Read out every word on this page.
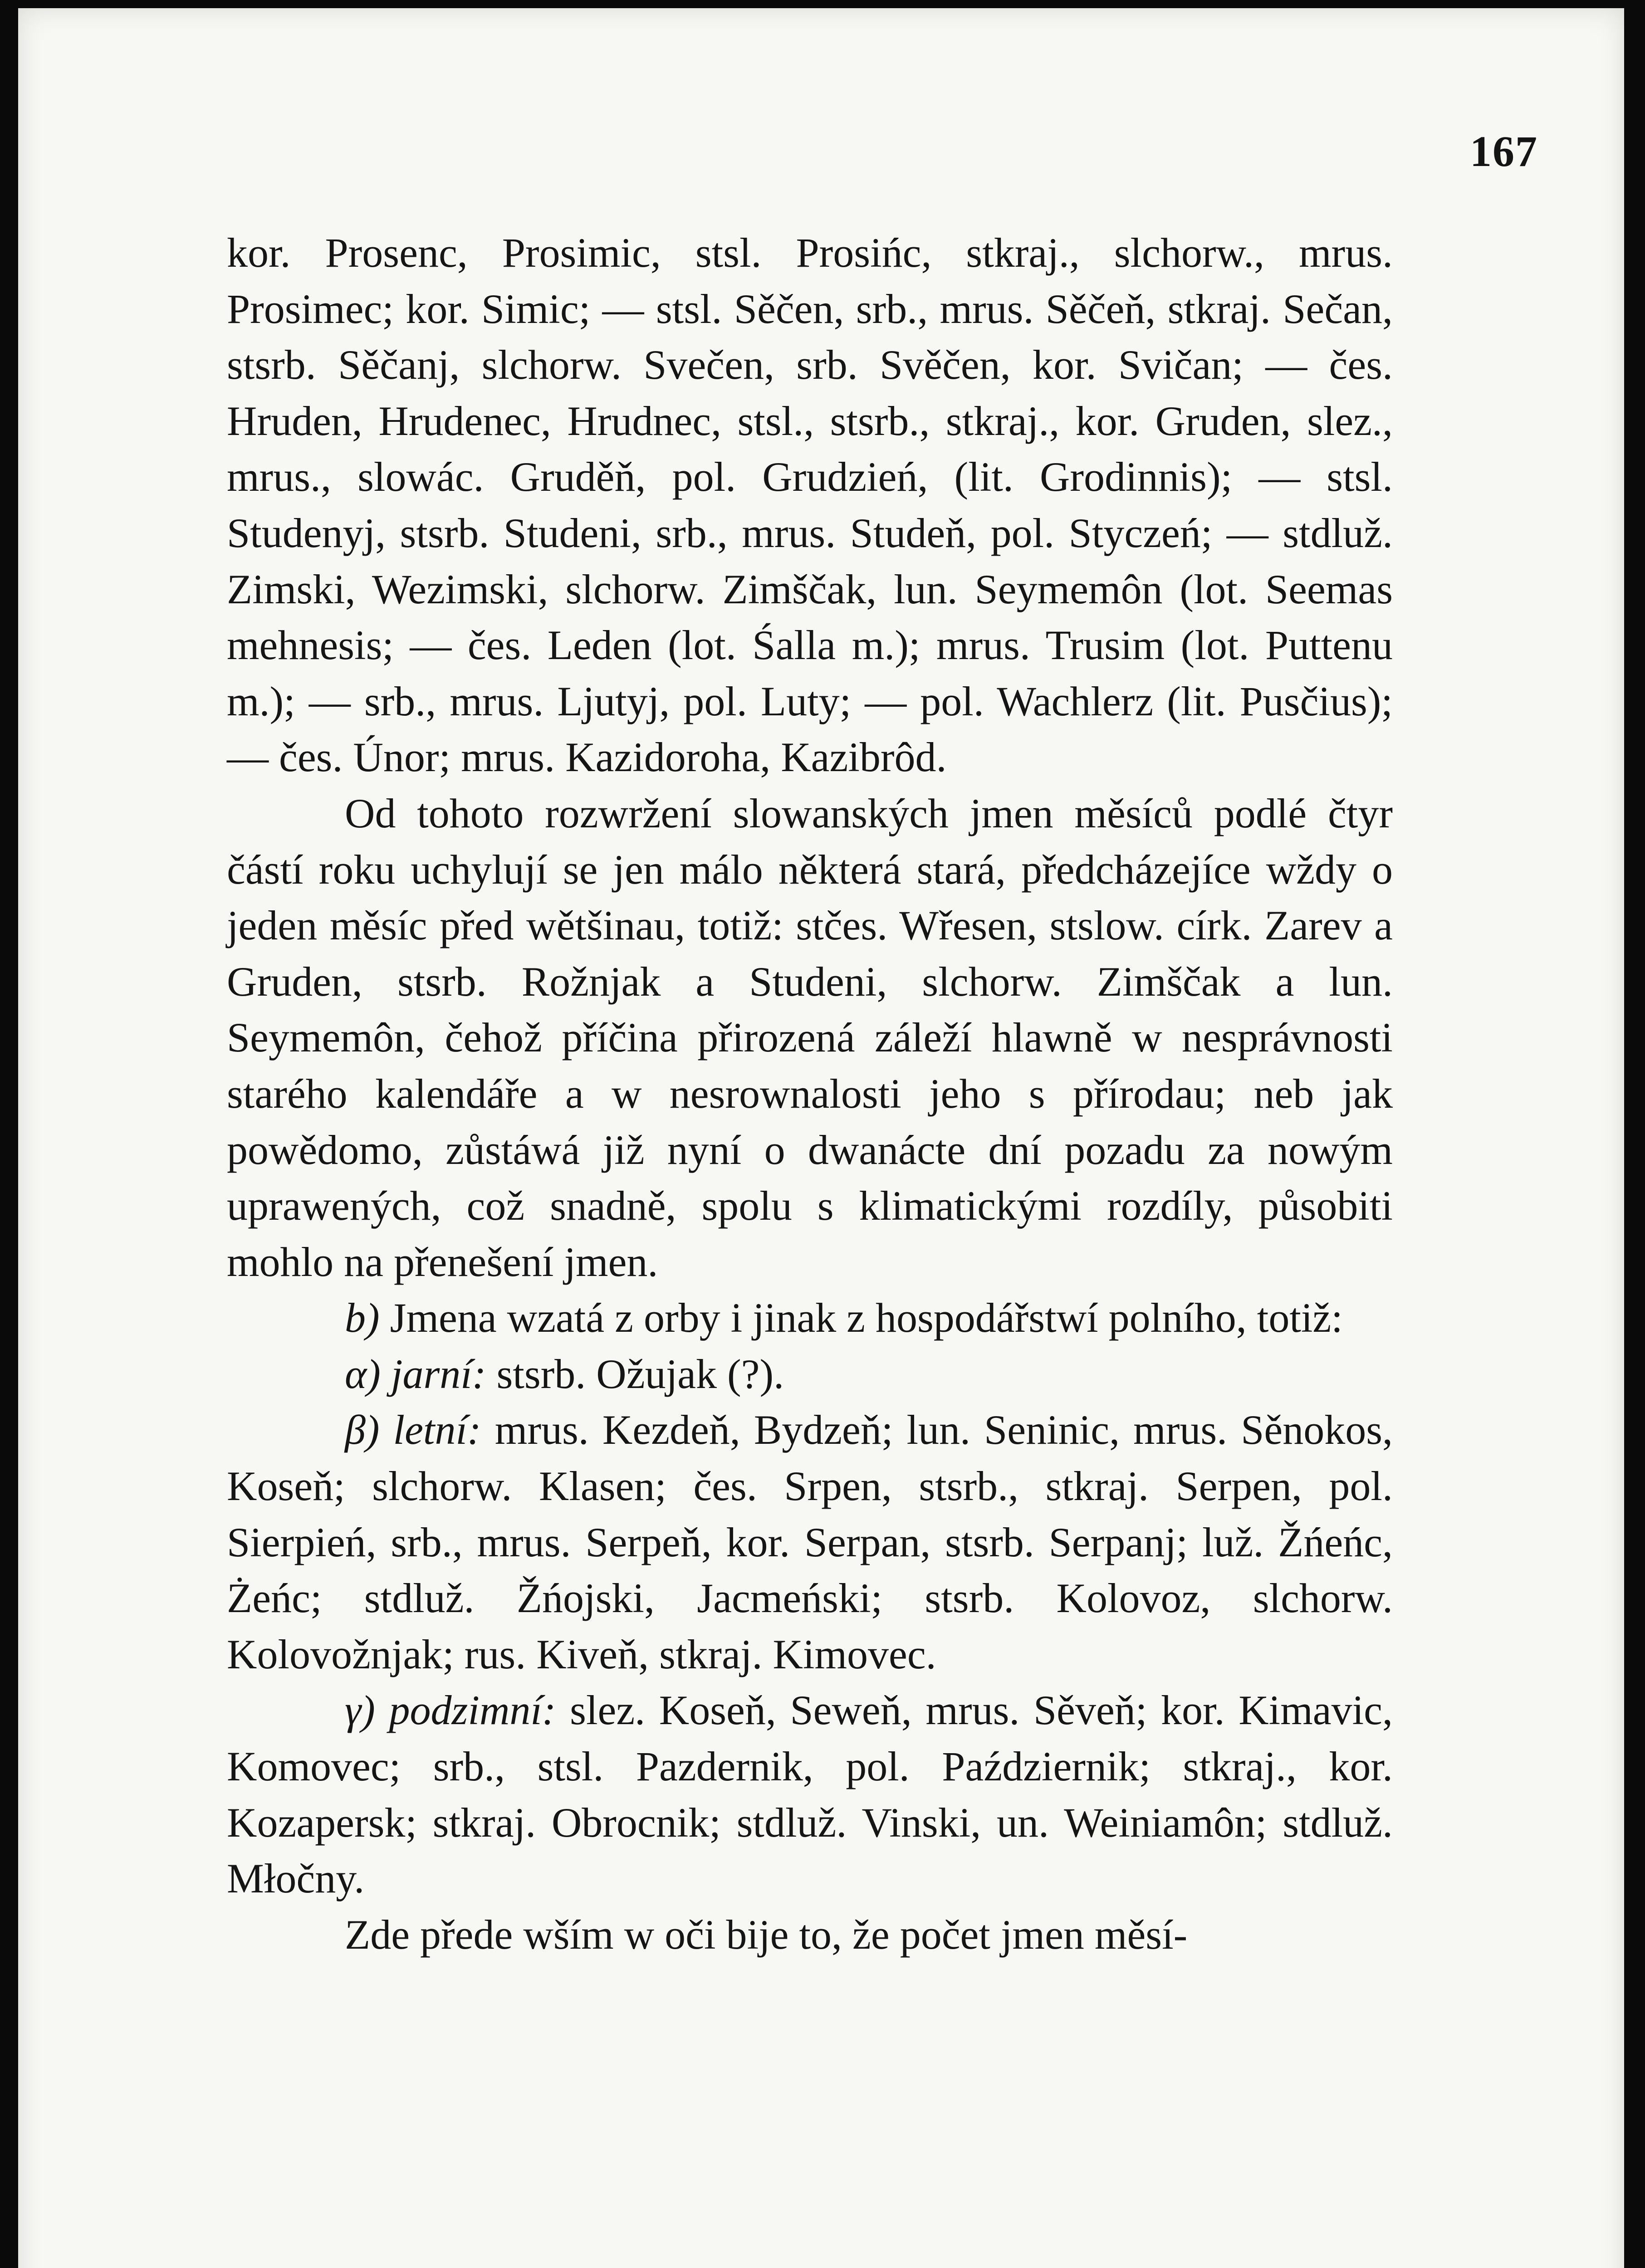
167

kor. Prosenc, Prosimic, stsl. Prosińc, stkraj., slchorw., mrus. Prosimec; kor. Simic; — stsl. Sěčen, srb., mrus. Sěčeň, stkraj. Sečan, stsrb. Sěčanj, slchorw. Svečen, srb. Svěčen, kor. Svičan; — čes. Hruden, Hrudenec, Hrudnec, stsl., stsrb., stkraj., kor. Gruden, slez., mrus., slowác. Gruděň, pol. Grudzień, (lit. Grodinnis); — stsl. Studenyj, stsrb. Studeni, srb., mrus. Studeň, pol. Styczeń; — stdluž. Zimski, Wezimski, slchorw. Zimščak, lun. Seymemôn (lot. Seemas mehnesis; — čes. Leden (lot. Śalla m.); mrus. Trusim (lot. Puttenu m.); — srb., mrus. Ljutyj, pol. Luty; — pol. Wachlerz (lit. Pusčius); — čes. Únor; mrus. Kazidoroha, Kazibrôd.

Od tohoto rozwržení slowanských jmen měsíců podlé čtyr částí roku uchylují se jen málo některá stará, předcházejíce wždy o jeden měsíc před wětšinau, totiž: stčes. Wřesen, stslow. círk. Zarev a Gruden, stsrb. Rožnjak a Studeni, slchorw. Zimščak a lun. Seymemôn, čehož příčina přirozená záleží hlawně w nesprávnosti starého kalendáře a w nesrownalosti jeho s přírodau; neb jak powědomo, zůstáwá již nyní o dwanácte dní pozadu za nowým uprawených, což snadně, spolu s klimatickými rozdíly, působiti mohlo na přenešení jmen.

b) Jmena wzatá z orby i jinak z hospodářstwí polního, totiž:

α) jarní: stsrb. Ožujak (?).

β) letní: mrus. Kezdeň, Bydzeň; lun. Seninic, mrus. Sěnokos, Koseň; slchorw. Klasen; čes. Srpen, stsrb., stkraj. Serpen, pol. Sierpień, srb., mrus. Serpeň, kor. Serpan, stsrb. Serpanj; luž. Žńeńc, Żeńc; stdluž. Žńojski, Jacmeński; stsrb. Kolovoz, slchorw. Kolovožnjak; rus. Kiveň, stkraj. Kimovec.

γ) podzimní: slez. Koseň, Seweň, mrus. Sěveň; kor. Kimavic, Komovec; srb., stsl. Pazdernik, pol. Październik; stkraj., kor. Kozapersk; stkraj. Obrocnik; stdluž. Vinski, un. Weiniamôn; stdluž. Młočny.

Zde přede wším w oči bije to, že počet jmen měsí-
